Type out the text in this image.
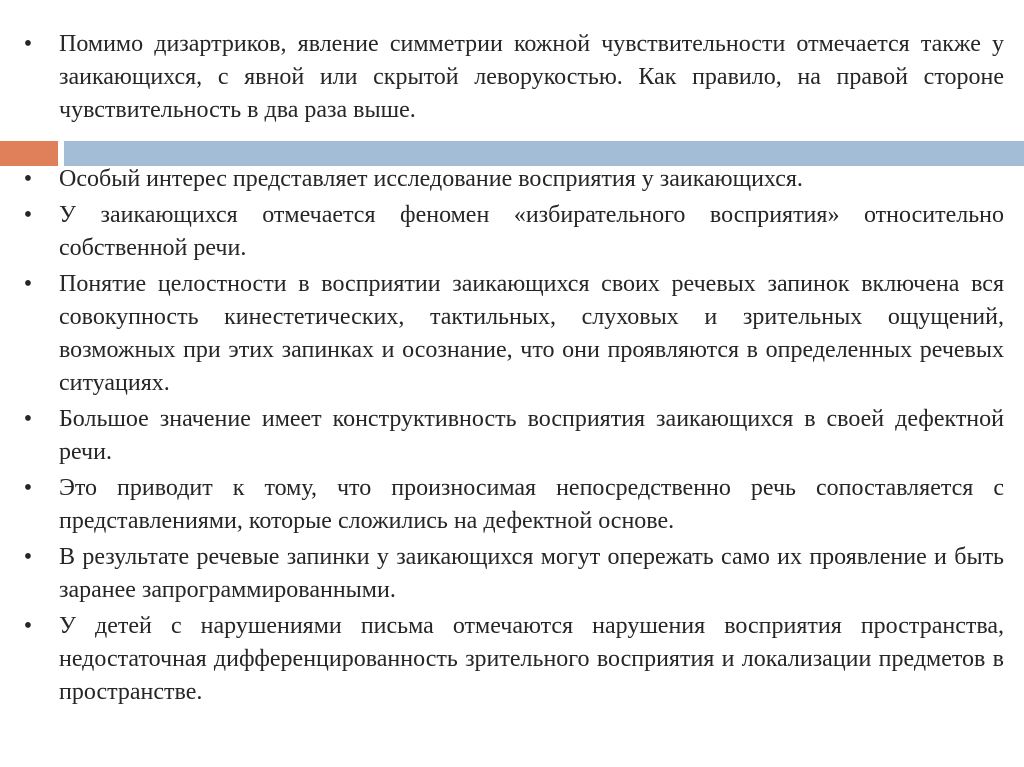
• Помимо дизартриков, явление симметрии кожной чувствительности отмечается также у заикающихся, с явной или скрытой леворукостью. Как правило, на правой стороне чувствительность в два раза выше.
• Особый интерес представляет исследование восприятия у заикающихся.
• У заикающихся отмечается феномен «избирательного восприятия» относительно собственной речи.
• Понятие целостности в восприятии заикающихся своих речевых запинок включена вся совокупность кинестетических, тактильных, слуховых и зрительных ощущений, возможных при этих запинках и осознание, что они проявляются в определенных речевых ситуациях.
• Большое значение имеет конструктивность восприятия заикающихся в своей дефектной речи.
• Это приводит к тому, что произносимая непосредственно речь сопоставляется с представлениями, которые сложились на дефектной основе.
• В результате речевые запинки у заикающихся могут опережать само их проявление и быть заранее запрограммированными.
• У детей с нарушениями письма отмечаются нарушения восприятия пространства, недостаточная дифференцированность зрительного восприятия и локализации предметов в пространстве.
